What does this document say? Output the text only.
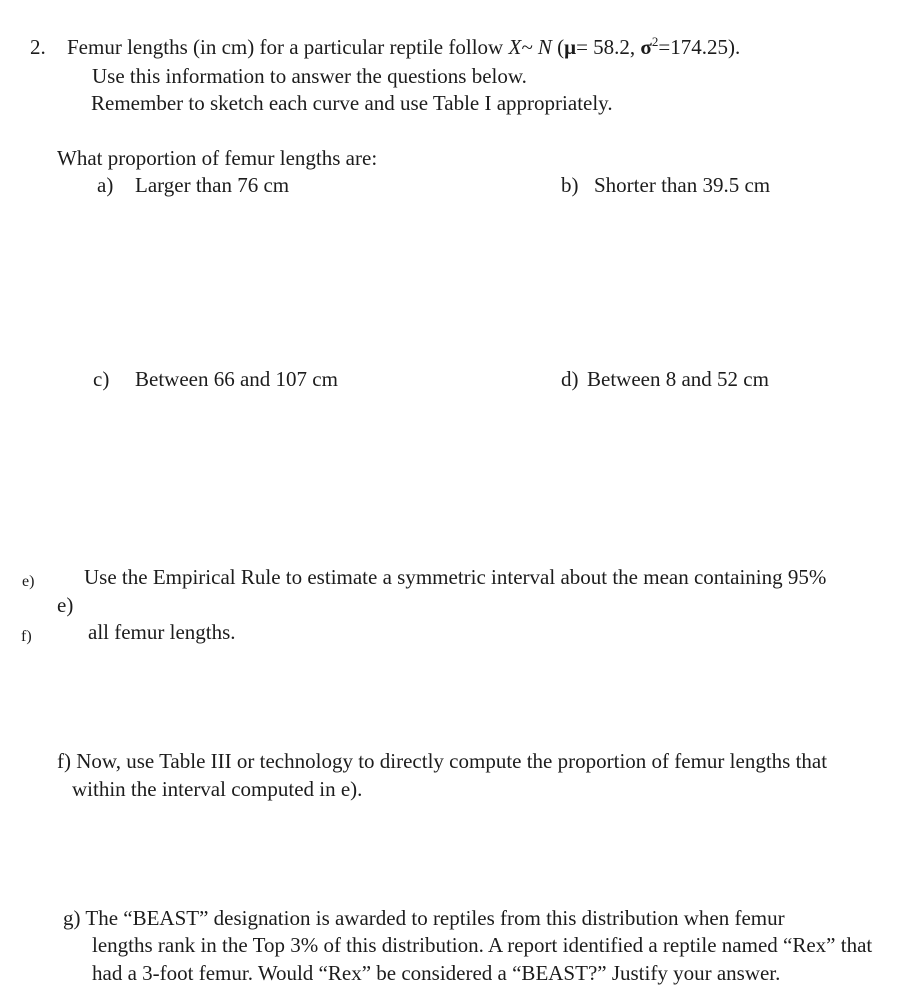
2. Femur lengths (in cm) for a particular reptile follow X~ N (μ= 58.2, $\sigma^2=174.25$).
Use this information to answer the questions below.
Remember to sketch each curve and use Table I appropriately.
What proportion of femur lengths are:
a) Larger than 76 cm	b) Shorter than 39.5 cm
c) Between 66 and 107 cm	d) Between 8 and 52 cm
e) Use the Empirical Rule to estimate a symmetric interval about the mean containing 95%
e)
f)	all femur lengths.
f) Now, use Table III or technology to directly compute the proportion of femur lengths that
within the interval computed in e).
g) The “BEAST” designation is awarded to reptiles from this distribution when femur
lengths rank in the Top 3% of this distribution. A report identified a reptile named “Rex” that
had a 3-foot femur. Would “Rex” be considered a “BEAST?” Justify your answer.
